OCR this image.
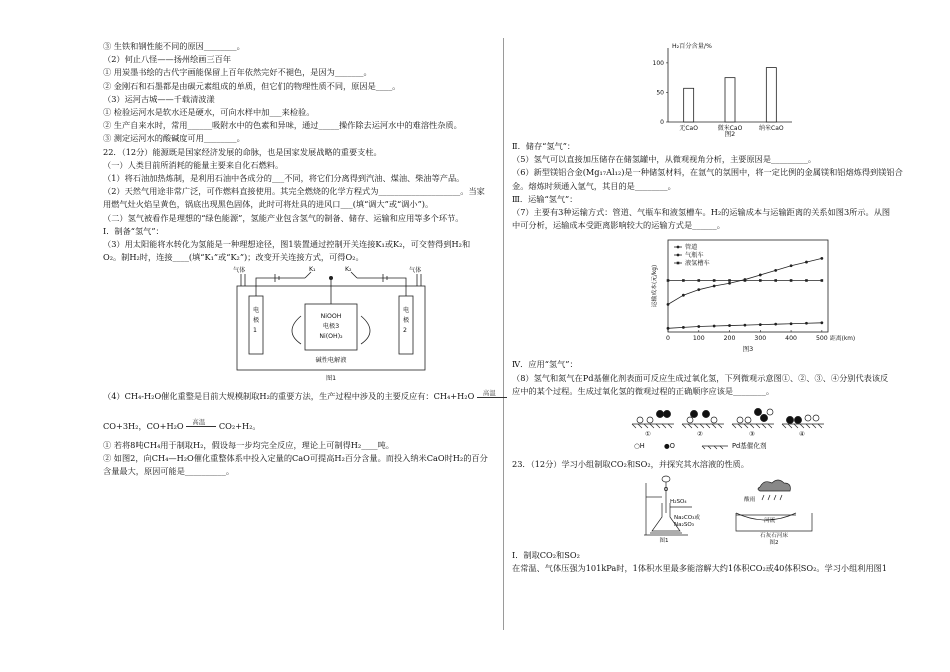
③ 生铁和钢性能不同的原因________。
（2）何止八怪——扬州绘画三百年
① 用炭墨书绘的古代字画能保留上百年依然完好不褪色，是因为_______。
② 金刚石和石墨都是由碳元素组成的单质，但它们的物理性质不同，原因是____。
（3）运河古城——千载清波漾
① 检验运河水是软水还是硬水，可向水样中加___来检验。
② 生产自来水时，常用______吸附水中的色素和异味，通过_____操作除去运河水中的难溶性杂质。
③ 测定运河水的酸碱度可用________。
22．（12分）能源既是国家经济发展的命脉，也是国家发展战略的重要支柱。
（一）人类目前所消耗的能量主要来自化石燃料。
（1）将石油加热炼制，是利用石油中各成分的___不同，将它们分离得到汽油、煤油、柴油等产品。
（2）天然气用途非常广泛，可作燃料直接使用。其完全燃烧的化学方程式为____________________。当家
用燃气灶火焰呈黄色，锅底出现黑色固体，此时可将灶具的进风口___(填“调大”或“调小”)。
（二）氢气被看作是理想的“绿色能源”，氢能产业包含氢气的制备、储存、运输和应用等多个环节。
Ⅰ．制备“氢气”：
（3）用太阳能将水转化为氢能是一种理想途径，图1装置通过控制开关连接K₁或K₂，可交替得到H₂和
O₂。制H₂时，连接____(填“K₁”或“K₂”)；改变开关连接方式，可得O₂。
气体	气体
K₁	K₂
电
极
1
电
极
2
NiOOH
电极3
Ni(OH)₂
碱性电解液
图1
（4）CH₄-H₂O催化重整是目前大规模制取H₂的重要方法，生产过程中涉及的主要反应有：CH₄+H₂O 高温
CO+3H₂，CO+H₂O 高温 CO₂+H₂。
① 若将8吨CH₄用于制取H₂，假设每一步均完全反应，理论上可制得H₂____吨。
② 如图2，向CH₄—H₂O催化重整体系中投入定量的CaO可提高H₂百分含量。而投入纳米CaO时H₂的百分
含量最大，原因可能是__________。
H₂百分含量/%
0
50
100
无CaO	微米CaO	纳米CaO
图2
Ⅱ．储存“氢气”：
（5）氢气可以直接加压储存在储氢罐中，从微观视角分析，主要原因是_________。
（6）新型镁铝合金(Mg₁₇Al₁₂)是一种储氢材料，在氩气的氛围中，将一定比例的金属镁和铝熔炼得到镁铝合
金。熔炼时须通入氩气，其目的是________。
Ⅲ．运输“氢气”：
（7）主要有3种运输方式：管道、气瓶车和液氢槽车。H₂的运输成本与运输距离的关系如图3所示。从图
中可分析，运输成本受距离影响较大的运输方式是______。
0	100	200	300	400	500 距离(km)
运输成本(元/kg)
管道
气瓶车
液氢槽车
图3
Ⅳ．应用“氢气”：
（8）氢气和氮气在Pd基催化剂表面可反应生成过氧化氢，下列微观示意图①、②、③、④分别代表该反
应中的某个过程。生成过氧化氢的微观过程的正确顺序应该是________。
①	②	③	④
○H	●O	Pd基催化剂
23．（12分）学习小组制取CO₂和SO₂，并探究其水溶液的性质。
H₂SO₄
Na₂CO₃或
Na₂SO₃
图1
酸雨
河流
石灰石河床
图2
Ⅰ．制取CO₂和SO₂
在常温、气体压强为101kPa时，1体积水里最多能溶解大约1体积CO₂或40体积SO₂。学习小组利用图1
